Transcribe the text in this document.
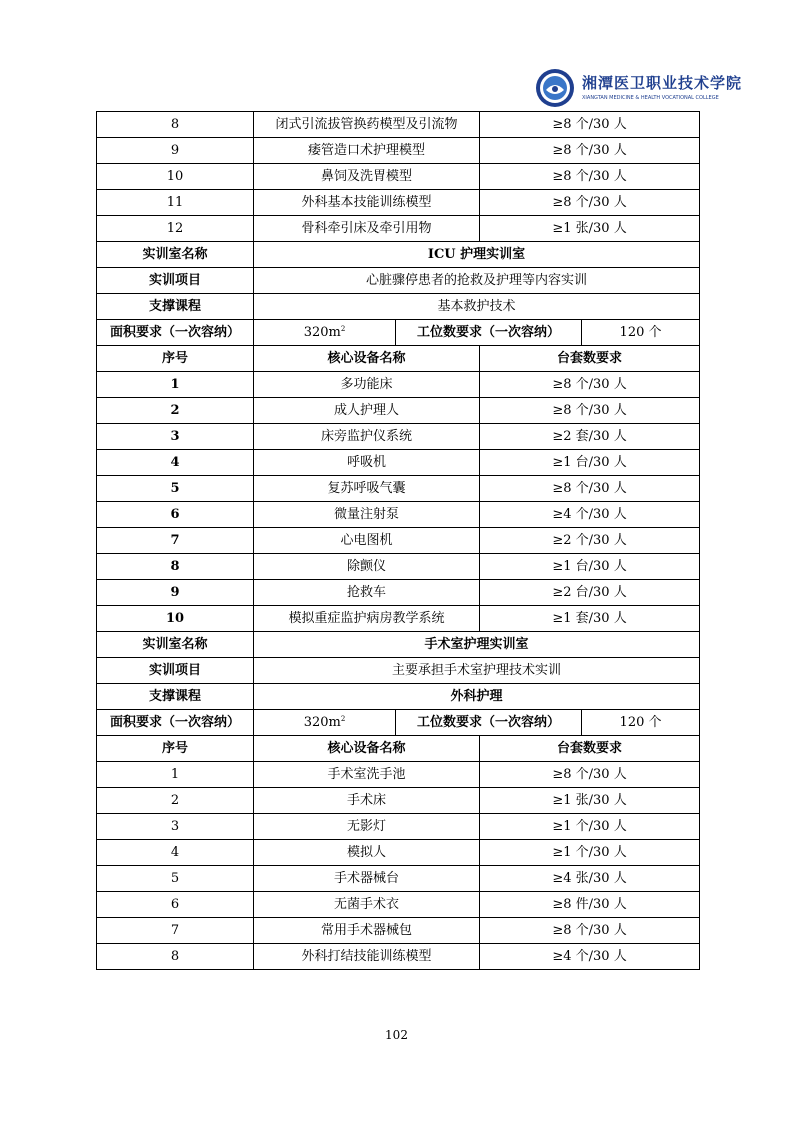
湘潭医卫职业技术学院
XIANGTAN MEDICINE & HEALTH VOCATIONAL COLLEGE
8	闭式引流拔管换药模型及引流物		≥8 个/30 人	
9	痿管造口术护理模型		≥8 个/30 人	
10	鼻饲及洗胃模型		≥8 个/30 人	
11	外科基本技能训练模型		≥8 个/30 人	
12	骨科牵引床及牵引用物		≥1 张/30 人	
实训室名称	ICU 护理实训室			
实训项目	心脏骤停患者的抢救及护理等内容实训			
支撑课程	基本救护技术			
面积要求（一次容纳）	$320m^2$	工位数要求（一次容纳）		120 个
序号	核心设备名称		台套数要求	
1	多功能床		≥8 个/30 人	
2	成人护理人		≥8 个/30 人	
3	床旁监护仪系统		≥2 套/30 人	
4	呼吸机		≥1 台/30 人	
5	复苏呼吸气囊		≥8 个/30 人	
6	微量注射泵		≥4 个/30 人	
7	心电图机		≥2 个/30 人	
8	除颤仪		≥1 台/30 人	
9	抢救车		≥2 台/30 人	
10	模拟重症监护病房教学系统		≥1 套/30 人	
实训室名称	手术室护理实训室			
实训项目	主要承担手术室护理技术实训			
支撑课程	外科护理			
面积要求（一次容纳）	$320m^2$	工位数要求（一次容纳）		120 个
序号	核心设备名称		台套数要求	
1	手术室洗手池		≥8 个/30 人	
2	手术床		≥1 张/30 人	
3	无影灯		≥1 个/30 人	
4	模拟人		≥1 个/30 人	
5	手术器械台		≥4 张/30 人	
6	无菌手术衣		≥8 件/30 人	
7	常用手术器械包		≥8 个/30 人	
8	外科打结技能训练模型		≥4 个/30 人	
102
